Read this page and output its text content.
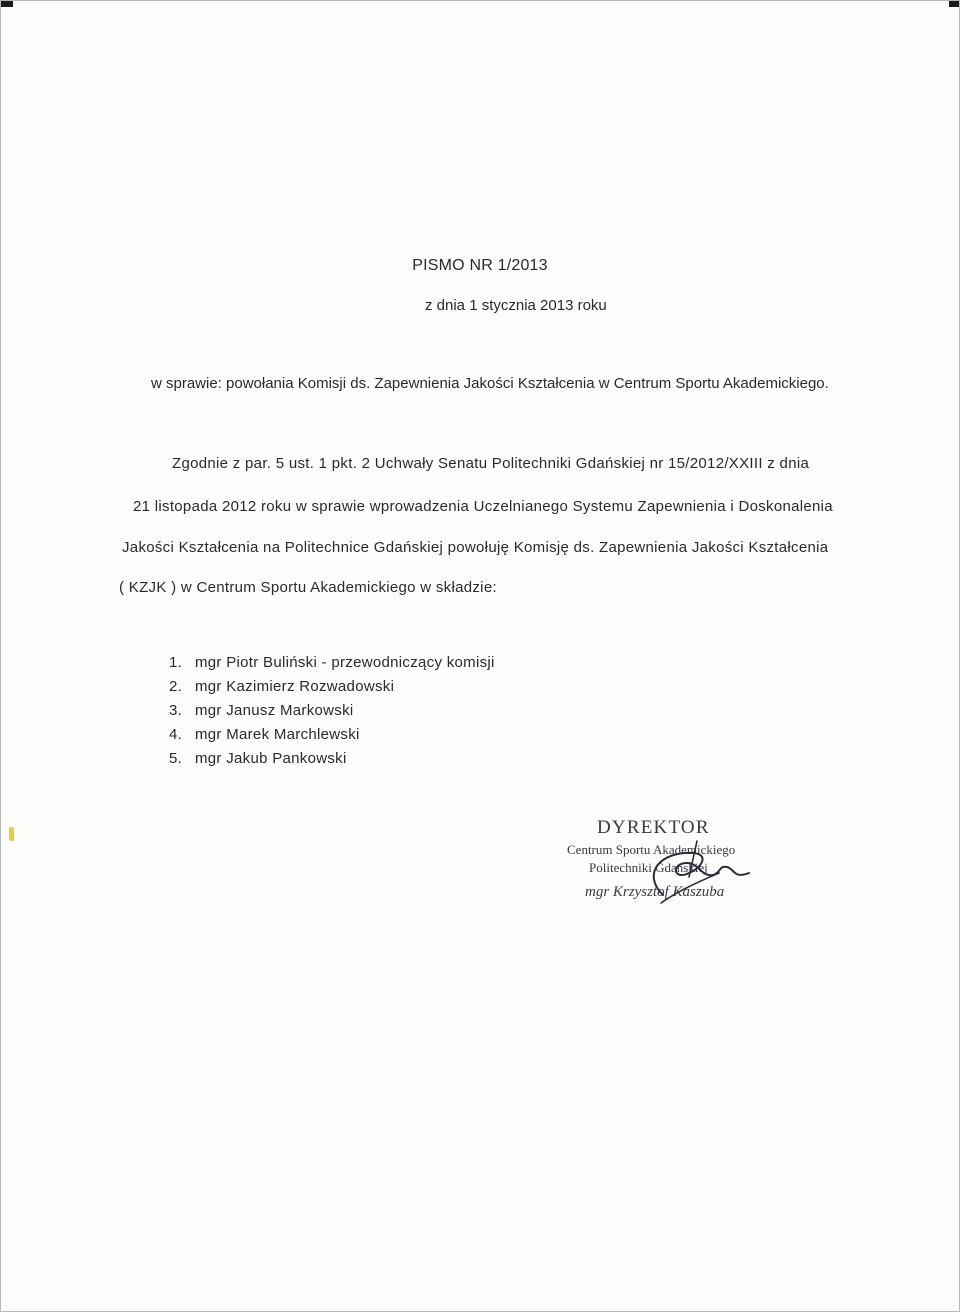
PISMO NR 1/2013
z dnia 1 stycznia 2013 roku
w sprawie: powołania Komisji ds. Zapewnienia Jakości Kształcenia w Centrum Sportu Akademickiego.
Zgodnie z par. 5 ust. 1 pkt. 2 Uchwały Senatu Politechniki Gdańskiej nr 15/2012/XXIII z dnia
21 listopada 2012 roku w sprawie wprowadzenia Uczelnianego Systemu Zapewnienia i Doskonalenia
Jakości Kształcenia na Politechnice Gdańskiej powołuję Komisję ds. Zapewnienia Jakości Kształcenia
( KZJK ) w Centrum Sportu Akademickiego w składzie:
1. mgr Piotr Buliński - przewodniczący komisji
2. mgr Kazimierz Rozwadowski
3. mgr Janusz Markowski
4. mgr Marek Marchlewski
5. mgr Jakub Pankowski
DYREKTOR
Centrum Sportu Akademickiego
Politechniki Gdańskiej
mgr Krzysztof Kaszuba
